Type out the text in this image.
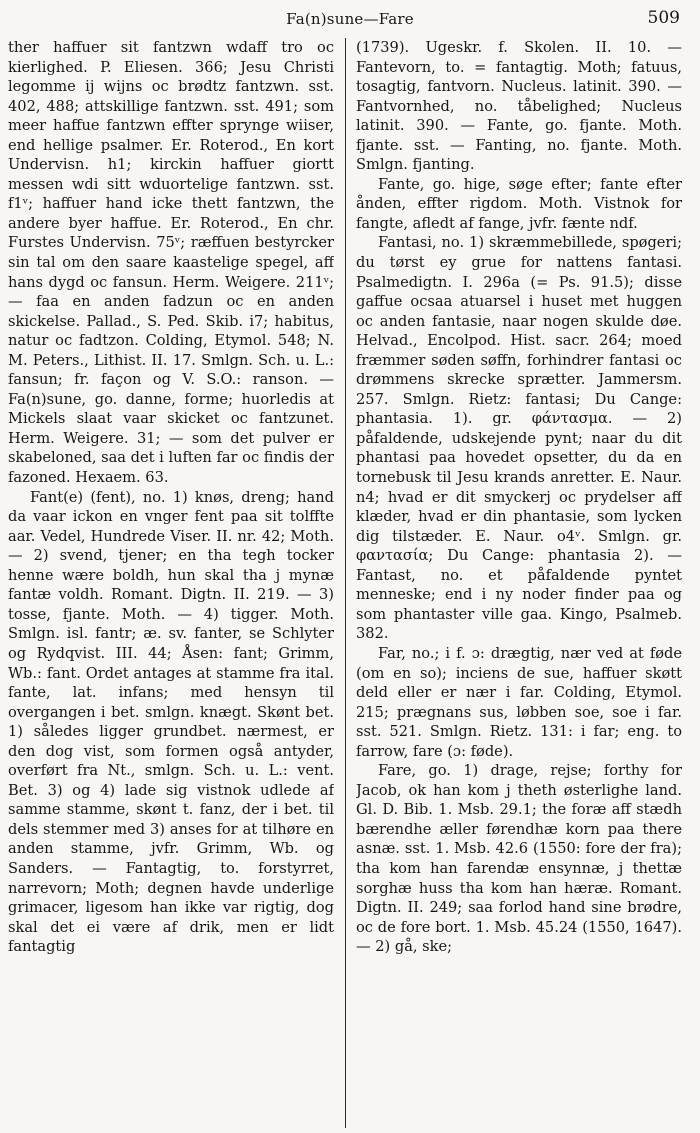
Fa(n)sune—Fare	509

ther haffuer sit fantzwn wdaff tro oc kierlighed. P. Eliesen. 366; Jesu Christi legomme ij wijns oc brødtz fantzwn. sst. 402, 488; attskillige fantzwn. sst. 491; som meer haffue fantzwn effter sprynge wiiser, end hellige psalmer. Er. Roterod., En kort Undervisn. h1; kirckin haffuer giortt messen wdi sitt wduortelige fantzwn. sst. f1ᵛ; haffuer hand icke thett fantzwn, the andere byer haffue. Er. Roterod., En chr. Furstes Undervisn. 75ᵛ; ræffuen bestyrcker sin tal om den saare kaastelige spegel, aff hans dygd oc fansun. Herm. Weigere. 211ᵛ; — faa en anden fadzun oc en anden skickelse. Pallad., S. Ped. Skib. i7; habitus, natur oc fadtzon. Colding, Etymol. 548; N. M. Peters., Lithist. II. 17. Smlgn. Sch. u. L.: fansun; fr. façon og V. S.O.: ranson. — Fa(n)sune, go. danne, forme; huorledis at Mickels slaat vaar skicket oc fantzunet. Herm. Weigere. 31; — som det pulver er skabeloned, saa det i luften far oc findis der fazoned. Hexaem. 63.

Fant(e) (fent), no. 1) knøs, dreng; hand da vaar ickon en vnger fent paa sit tolffte aar. Vedel, Hundrede Viser. II. nr. 42; Moth. — 2) svend, tjener; en tha tegh tocker henne wære boldh, hun skal tha j mynæ fantæ voldh. Romant. Digtn. II. 219. — 3) tosse, fjante. Moth. — 4) tigger. Moth. Smlgn. isl. fantr; æ. sv. fanter, se Schlyter og Rydqvist. III. 44; Åsen: fant; Grimm, Wb.: fant. Ordet antages at stamme fra ital. fante, lat. infans; med hensyn til overgangen i bet. smlgn. knægt. Skønt bet. 1) således ligger grundbet. nærmest, er den dog vist, som formen også antyder, overført fra Nt., smlgn. Sch. u. L.: vent. Bet. 3) og 4) lade sig vistnok udlede af samme stamme, skønt t. fanz, der i bet. til dels stemmer med 3) anses for at tilhøre en anden stamme, jvfr. Grimm, Wb. og Sanders. — Fantagtig, to. forstyrret, narrevorn; Moth; degnen havde underlige grimacer, ligesom han ikke var rigtig, dog skal det ei være af drik, men er lidt fantagtig

(1739). Ugeskr. f. Skolen. II. 10. — Fantevorn, to. = fantagtig. Moth; fatuus, tosagtig, fantvorn. Nucleus. latinit. 390. — Fantvornhed, no. tåbelighed; Nucleus latinit. 390. — Fante, go. fjante. Moth. fjante. sst. — Fanting, no. fjante. Moth. Smlgn. fjanting.

Fante, go. hige, søge efter; fante efter ånden, effter rigdom. Moth. Vistnok for fangte, afledt af fange, jvfr. fænte ndf.

Fantasi, no. 1) skræmmebillede, spøgeri; du tørst ey grue for nattens fantasi. Psalmedigtn. I. 296a (= Ps. 91.5); disse gaffue ocsaa atuarsel i huset met huggen oc anden fantasie, naar nogen skulde døe. Helvad., Encolpod. Hist. sacr. 264; moed fræmmer søden søffn, forhindrer fantasi oc drømmens skrecke sprætter. Jammersm. 257. Smlgn. Rietz: fantasi; Du Cange: phantasia. 1). gr. φάντασμα. — 2) påfaldende, udskejende pynt; naar du dit phantasi paa hovedet opsetter, du da en tornebusk til Jesu krands anretter. E. Naur. n4; hvad er dit smyckerj oc prydelser aff klæder, hvad er din phantasie, som lycken dig tilstæder. E. Naur. o4ᵛ. Smlgn. gr. φαντασία; Du Cange: phantasia 2). — Fantast, no. et påfaldende pyntet menneske; end i ny noder finder paa og som phantaster ville gaa. Kingo, Psalmeb. 382.

Far, no.; i f. ɔ: drægtig, nær ved at føde (om en so); inciens de sue, haffuer skøtt deld eller er nær i far. Colding, Etymol. 215; prægnans sus, løbben soe, soe i far. sst. 521. Smlgn. Rietz. 131: i far; eng. to farrow, fare (ɔ: føde).

Fare, go. 1) drage, rejse; forthy for Jacob, ok han kom j theth østerlighe land. Gl. D. Bib. 1. Msb. 29.1; the foræ aff stædh bærendhe æller førendhæ korn paa there asnæ. sst. 1. Msb. 42.6 (1550: fore der fra); tha kom han farendæ ensynnæ, j thettæ sorghæ huss tha kom han hæræ. Romant. Digtn. II. 249; saa forlod hand sine brødre, oc de fore bort. 1. Msb. 45.24 (1550, 1647). — 2) gå, ske;
